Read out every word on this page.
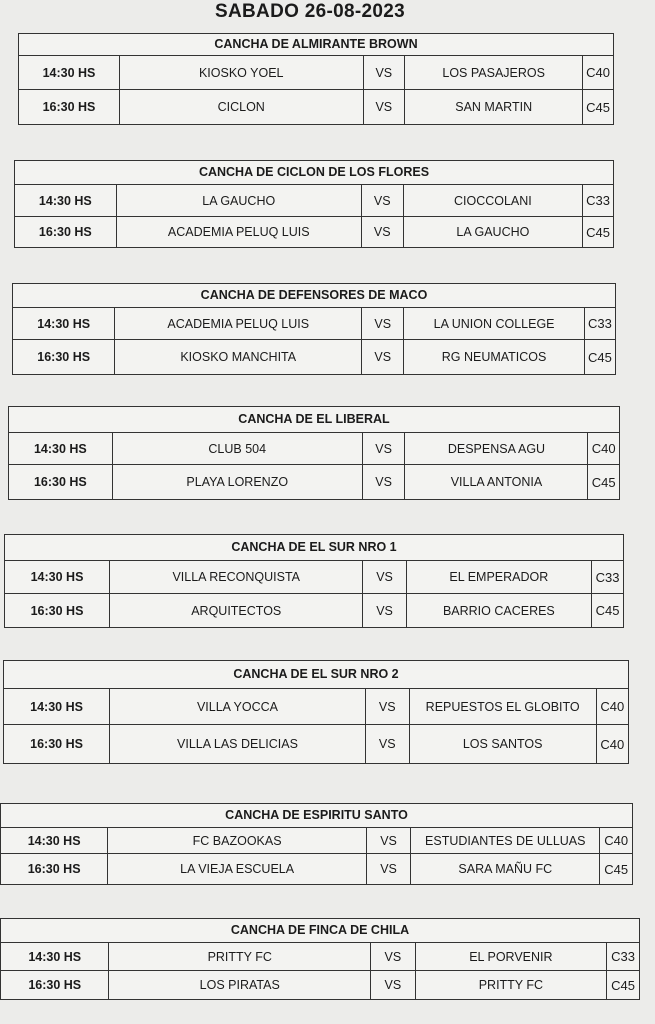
SABADO 26-08-2023
CANCHA DE ALMIRANTE BROWN
14:30 HS	KIOSKO YOEL	VS	LOS PASAJEROS	C40
16:30 HS	CICLON	VS	SAN MARTIN	C45
CANCHA DE CICLON DE LOS FLORES
14:30 HS	LA GAUCHO	VS	CIOCCOLANI	C33
16:30 HS	ACADEMIA PELUQ LUIS	VS	LA GAUCHO	C45
CANCHA DE DEFENSORES DE MACO
14:30 HS	ACADEMIA PELUQ LUIS	VS	LA UNION COLLEGE	C33
16:30 HS	KIOSKO MANCHITA	VS	RG NEUMATICOS	C45
CANCHA DE EL LIBERAL
14:30 HS	CLUB 504	VS	DESPENSA AGU	C40
16:30 HS	PLAYA LORENZO	VS	VILLA ANTONIA	C45
CANCHA DE EL SUR NRO 1
14:30 HS	VILLA RECONQUISTA	VS	EL EMPERADOR	C33
16:30 HS	ARQUITECTOS	VS	BARRIO CACERES	C45
CANCHA DE EL SUR NRO 2
14:30 HS	VILLA YOCCA	VS	REPUESTOS EL GLOBITO	C40
16:30 HS	VILLA LAS DELICIAS	VS	LOS SANTOS	C40
CANCHA DE ESPIRITU SANTO
14:30 HS	FC BAZOOKAS	VS	ESTUDIANTES DE ULLUAS	C40
16:30 HS	LA VIEJA ESCUELA	VS	SARA MAÑU FC	C45
CANCHA DE FINCA DE CHILA
14:30 HS	PRITTY FC	VS	EL PORVENIR	C33
16:30 HS	LOS PIRATAS	VS	PRITTY FC	C45
